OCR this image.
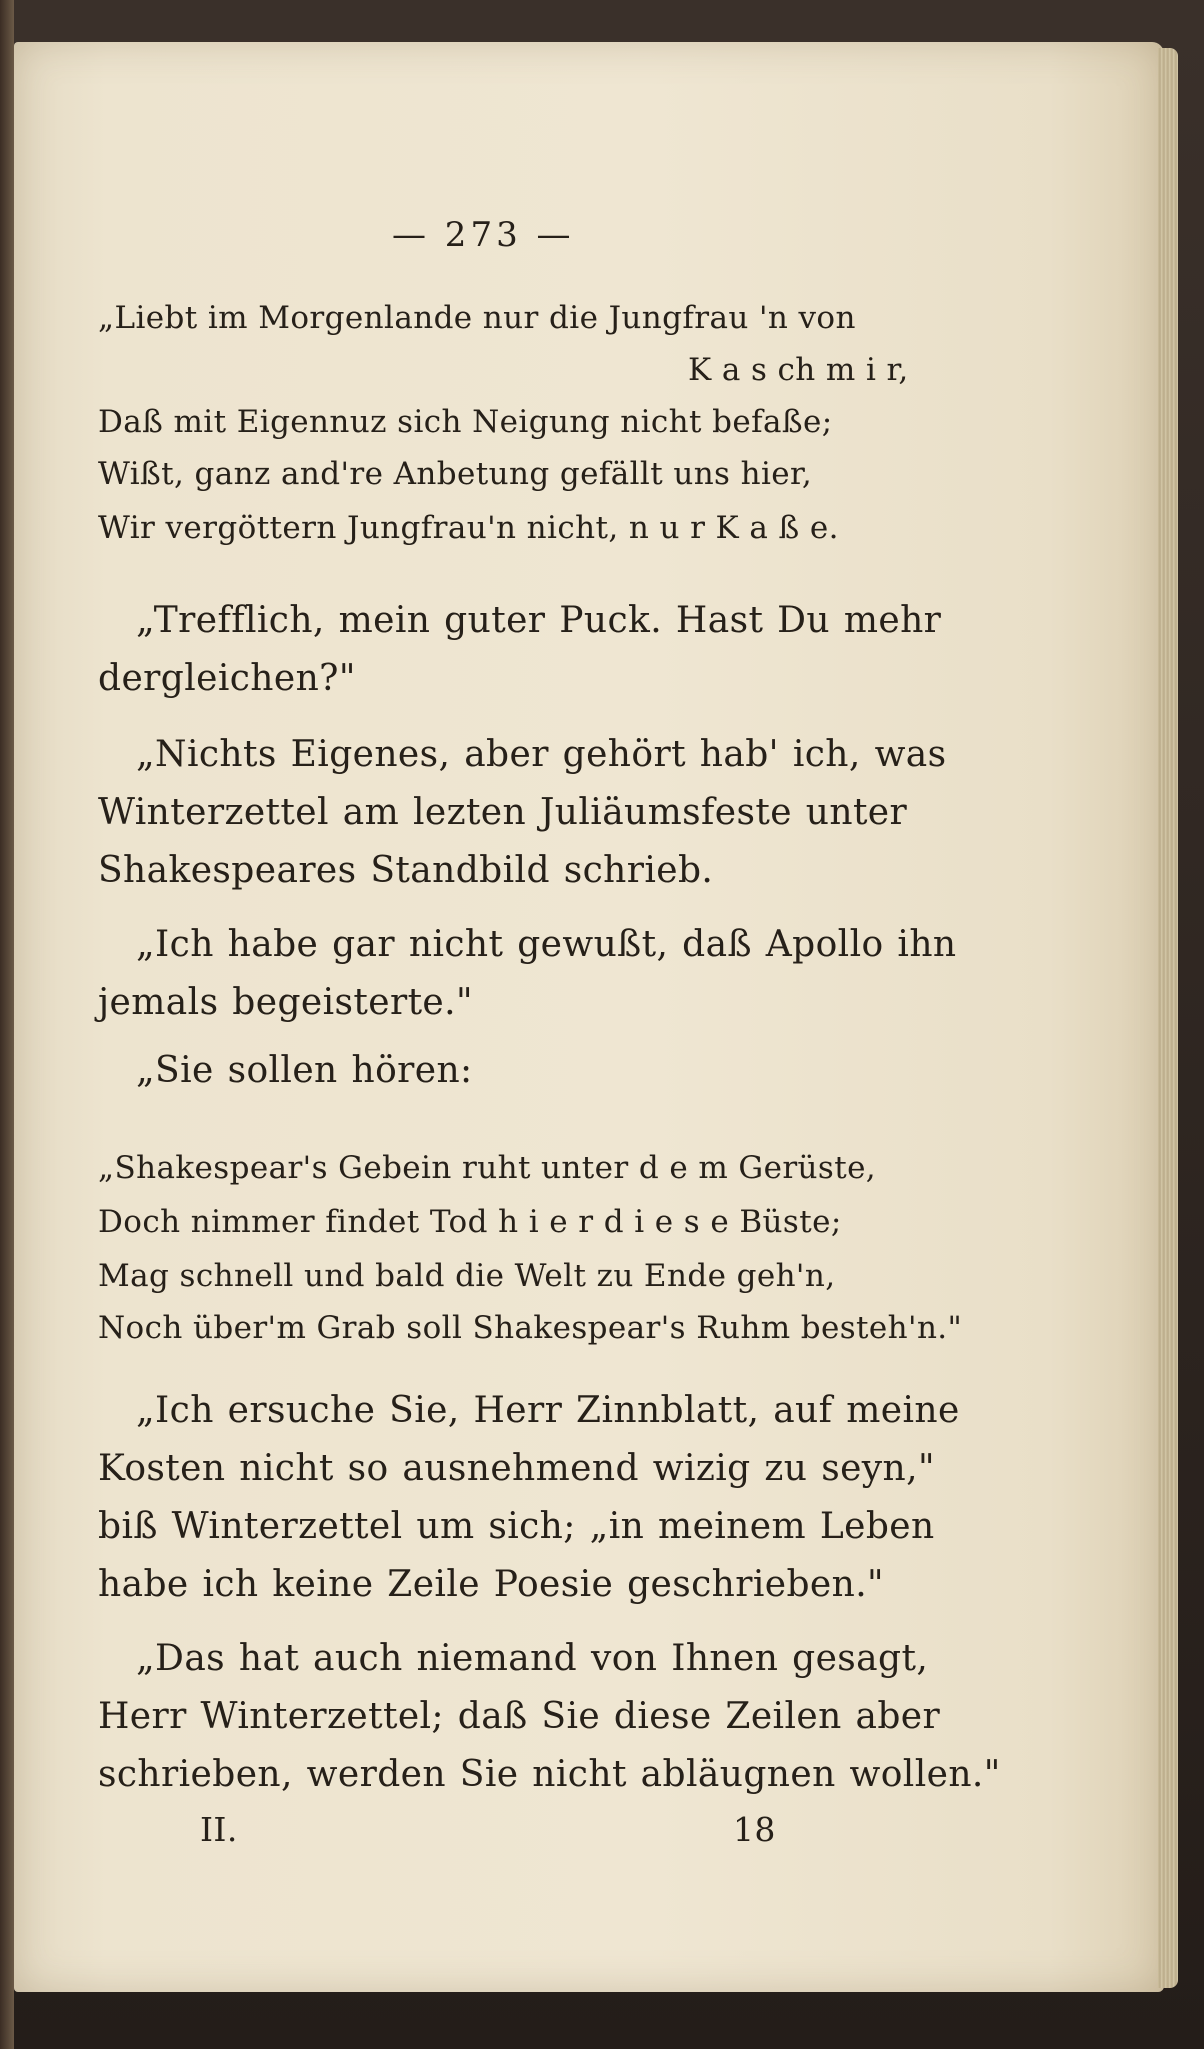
— 273 —

„Liebt im Morgenlande nur die Jungfrau 'n von

K a s ch m i r,

Daß mit Eigennuz sich Neigung nicht befaße;

Wißt, ganz and're Anbetung gefällt uns hier,

Wir vergöttern Jungfrau'n nicht, n u r K a ß e.

„Trefflich, mein guter Puck. Hast Du mehr

dergleichen?"

„Nichts Eigenes, aber gehört hab' ich, was

Winterzettel am lezten Juliäumsfeste unter

Shakespeares Standbild schrieb.

„Ich habe gar nicht gewußt, daß Apollo ihn

jemals begeisterte."

„Sie sollen hören:

„Shakespear's Gebein ruht unter d e m Gerüste,

Doch nimmer findet Tod h i e r d i e s e Büste;

Mag schnell und bald die Welt zu Ende geh'n,

Noch über'm Grab soll Shakespear's Ruhm besteh'n."

„Ich ersuche Sie, Herr Zinnblatt, auf meine

Kosten nicht so ausnehmend wizig zu seyn,"

biß Winterzettel um sich; „in meinem Leben

habe ich keine Zeile Poesie geschrieben."

„Das hat auch niemand von Ihnen gesagt,

Herr Winterzettel; daß Sie diese Zeilen aber

schrieben, werden Sie nicht abläugnen wollen."

II.	18
